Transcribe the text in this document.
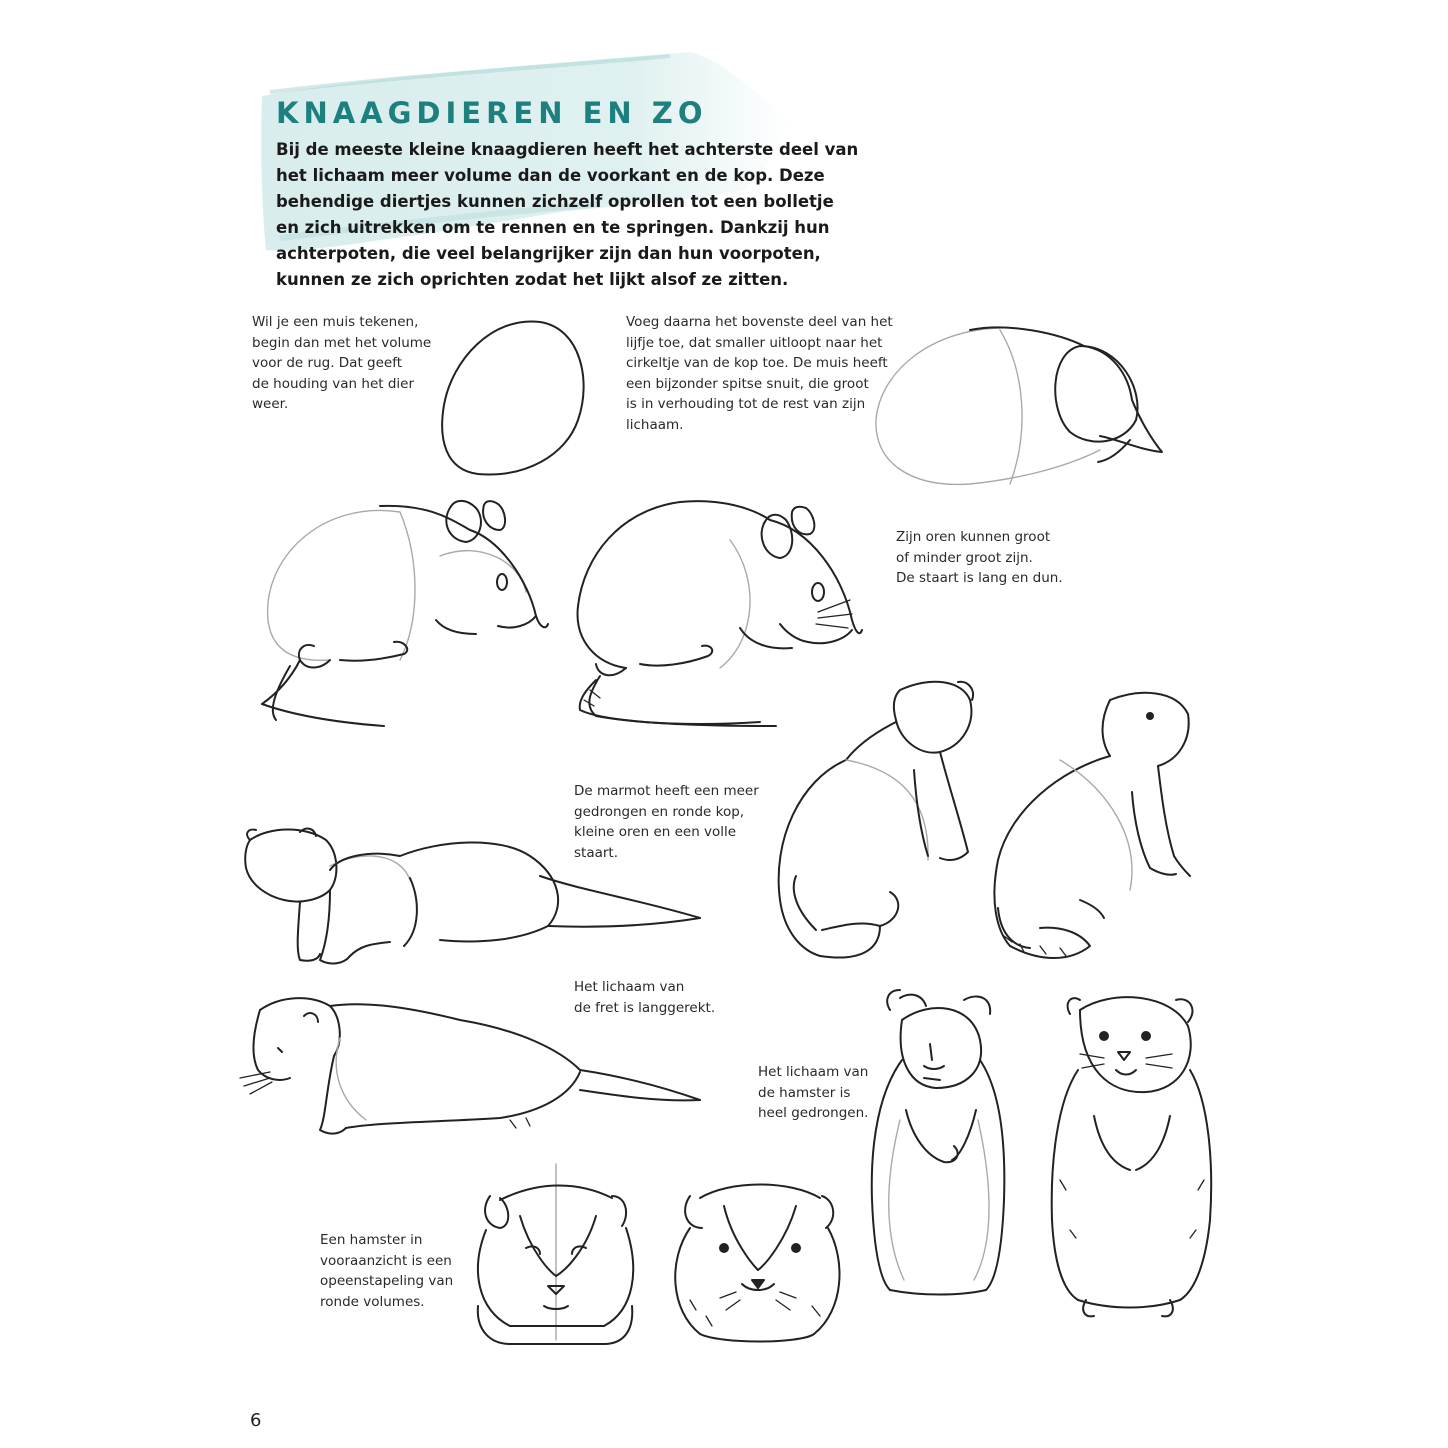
KNAAGDIEREN EN ZO
Bij de meeste kleine knaagdieren heeft het achterste deel van
het lichaam meer volume dan de voorkant en de kop. Deze
behendige diertjes kunnen zichzelf oprollen tot een bolletje
en zich uitrekken om te rennen en te springen. Dankzij hun
achterpoten, die veel belangrijker zijn dan hun voorpoten,
kunnen ze zich oprichten zodat het lijkt alsof ze zitten.
Wil je een muis tekenen,
begin dan met het volume
voor de rug. Dat geeft
de houding van het dier
weer.
Voeg daarna het bovenste deel van het
lijfje toe, dat smaller uitloopt naar het
cirkeltje van de kop toe. De muis heeft
een bijzonder spitse snuit, die groot
is in verhouding tot de rest van zijn
lichaam.
Zijn oren kunnen groot
of minder groot zijn.
De staart is lang en dun.
De marmot heeft een meer
gedrongen en ronde kop,
kleine oren en een volle
staart.
Het lichaam van
de fret is langgerekt.
Het lichaam van
de hamster is
heel gedrongen.
Een hamster in
vooraanzicht is een
opeenstapeling van
ronde volumes.
6
